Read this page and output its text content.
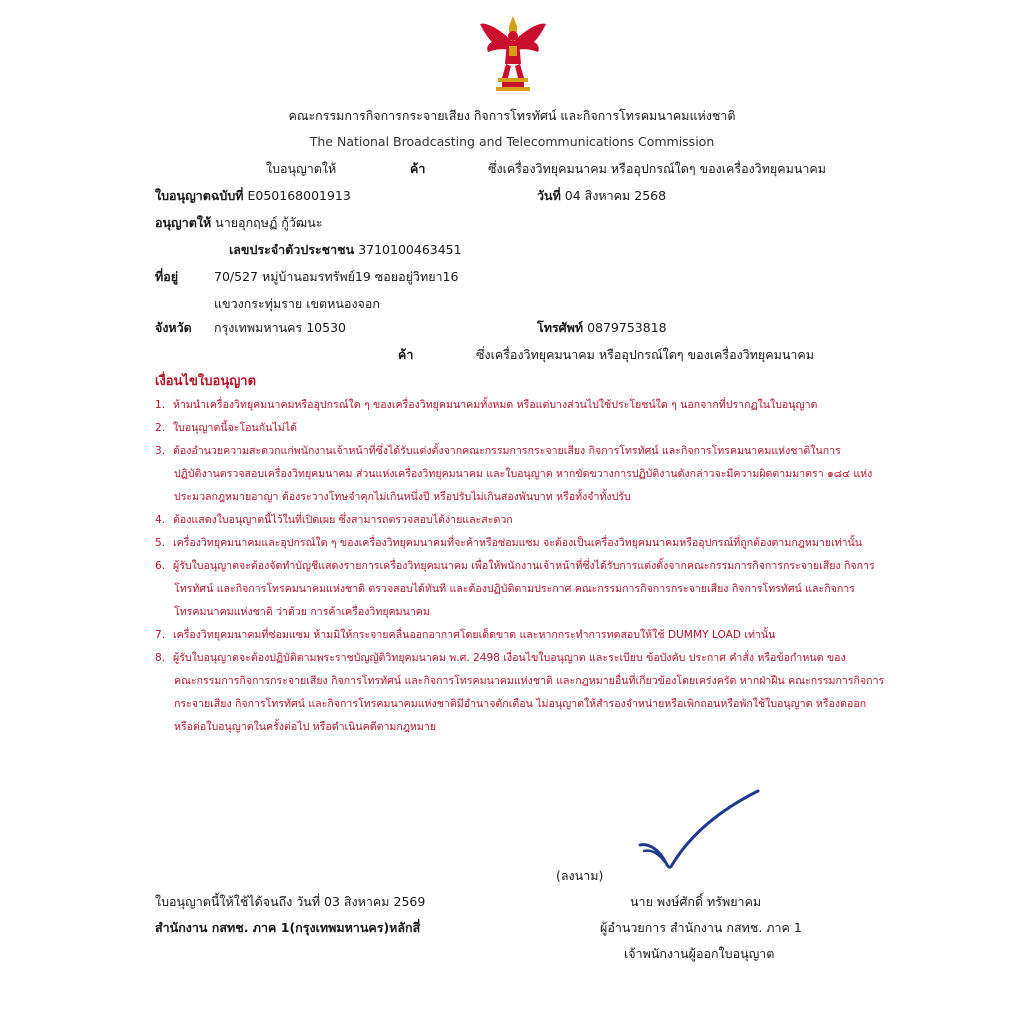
คณะกรรมการกิจการกระจายเสียง กิจการโทรทัศน์ และกิจการโทรคมนาคมแห่งชาติ
The National Broadcasting and Telecommunications Commission
ใบอนุญาตให้	ค้า	ซึ่งเครื่องวิทยุคมนาคม หรืออุปกรณ์ใดๆ ของเครื่องวิทยุคมนาคม
ใบอนุญาตฉบับที่ E050168001913	วันที่ 04 สิงหาคม 2568
อนุญาตให้ นายอุกฤษฏ์ กู้วัฒนะ
เลขประจำตัวประชาชน 3710100463451
ที่อยู่	70/527 หมู่บ้านอมรทรัพย์19 ซอยอยู่วิทยา16
แขวงกระทุ่มราย เขตหนองจอก
จังหวัด กรุงเทพมหานคร 10530	โทรศัพท์ 0879753818
ค้า	ซึ่งเครื่องวิทยุคมนาคม หรืออุปกรณ์ใดๆ ของเครื่องวิทยุคมนาคม
เงื่อนไขใบอนุญาต
1. ห้ามนำเครื่องวิทยุคมนาคมหรืออุปกรณ์ใด ๆ ของเครื่องวิทยุคมนาคมทั้งหมด หรือแต่บางส่วนไปใช้ประโยชน์ใด ๆ นอกจากที่ปรากฏในใบอนุญาต
2. ใบอนุญาตนี้จะโอนกันไม่ได้
3. ต้องอำนวยความสะดวกแก่พนักงานเจ้าหน้าที่ซึ่งได้รับแต่งตั้งจากคณะกรรมการกระจายเสียง กิจการโทรทัศน์ และกิจการโทรคมนาคมแห่งชาติในการ
ปฏิบัติงานตรวจสอบเครื่องวิทยุคมนาคม ส่วนแห่งเครื่องวิทยุคมนาคม และใบอนุญาต หากขัดขวางการปฏิบัติงานดังกล่าวจะมีความผิดตามมาตรา ๑๘๔ แห่ง
ประมวลกฎหมายอาญา ต้องระวางโทษจำคุกไม่เกินหนึ่งปี หรือปรับไม่เกินสองพันบาท หรือทั้งจำทั้งปรับ
4. ต้องแสดงใบอนุญาตนี้ไว้ในที่เปิดเผย ซึ่งสามารถตรวจสอบได้ง่ายและสะดวก
5. เครื่องวิทยุคมนาคมและอุปกรณ์ใด ๆ ของเครื่องวิทยุคมนาคมที่จะค้าหรือซ่อมแซม จะต้องเป็นเครื่องวิทยุคมนาคมหรืออุปกรณ์ที่ถูกต้องตามกฎหมายเท่านั้น
6. ผู้รับใบอนุญาตจะต้องจัดทำบัญชีแสดงรายการเครื่องวิทยุคมนาคม เพื่อให้พนักงานเจ้าหน้าที่ซึ่งได้รับการแต่งตั้งจากคณะกรรมการกิจการกระจายเสียง กิจการ
โทรทัศน์ และกิจการโทรคมนาคมแห่งชาติ ตรวจสอบได้ทันที และต้องปฏิบัติตามประกาศ คณะกรรมการกิจการกระจายเสียง กิจการโทรทัศน์ และกิจการ
โทรคมนาคมแห่งชาติ ว่าด้วย การค้าเครื่องวิทยุคมนาคม
7. เครื่องวิทยุคมนาคมที่ซ่อมแซม ห้ามมิให้กระจายคลื่นออกอากาศโดยเด็ดขาด และหากกระทำการทดสอบให้ใช้ DUMMY LOAD เท่านั้น
8. ผู้รับใบอนุญาตจะต้องปฏิบัติตามพระราชบัญญัติวิทยุคมนาคม พ.ศ. 2498 เงื่อนไขใบอนุญาต และระเบียบ ข้อบังคับ ประกาศ คำสั่ง หรือข้อกำหนด ของ
คณะกรรมการกิจการกระจายเสียง กิจการโทรทัศน์ และกิจการโทรคมนาคมแห่งชาติ และกฎหมายอื่นที่เกี่ยวข้องโดยเคร่งครัด หากฝ่าฝืน คณะกรรมการกิจการ
กระจายเสียง กิจการโทรทัศน์ และกิจการโทรคมนาคมแห่งชาติมีอำนาจตักเตือน ไม่อนุญาตให้สำรองจำหน่ายหรือเพิกถอนหรือพักใช้ใบอนุญาต หรืองดออก
หรือต่อใบอนุญาตในครั้งต่อไป หรือดำเนินคดีตามกฎหมาย
(ลงนาม)
ใบอนุญาตนี้ให้ใช้ได้จนถึง วันที่ 03 สิงหาคม 2569
สำนักงาน กสทช. ภาค 1(กรุงเทพมหานคร)หลักสี่
นาย พงษ์ศักดิ์ ทรัพยาคม
ผู้อำนวยการ สำนักงาน กสทช. ภาค 1
เจ้าพนักงานผู้ออกใบอนุญาต
